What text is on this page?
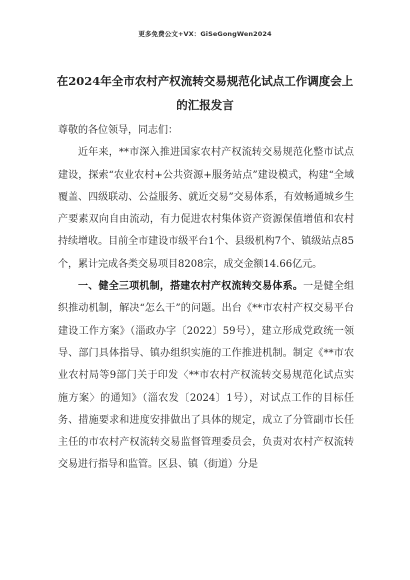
更多免费公文+VX：GiSeGongWen2024
在2024年全市农村产权流转交易规范化试点工作调度会上
的汇报发言

尊敬的各位领导，同志们：

近年来，**市深入推进国家农村产权流转交易规范化整市试点建设，探索“农业农村+公共资源+服务站点”建设模式，构建“全域覆盖、四级联动、公益服务、就近交易”交易体系，有效畅通城乡生产要素双向自由流动，有力促进农村集体资产资源保值增值和农村持续增收。目前全市建设市级平台1个、县级机构7个、镇级站点85个，累计完成各类交易项目8208宗，成交金额14.66亿元。

一、健全三项机制，搭建农村产权流转交易体系。一是健全组织推动机制，解决“怎么干”的问题。出台《**市农村产权交易平台建设工作方案》（淄政办字〔2022〕59号），建立形成党政统一领导、部门具体指导、镇办组织实施的工作推进机制。制定《**市农业农村局等9部门关于印发〈**市农村产权流转交易规范化试点实施方案〉的通知》（淄农发〔2024〕1号），对试点工作的目标任务、措施要求和进度安排做出了具体的规定，成立了分管副市长任主任的市农村产权流转交易监督管理委员会，负责对农村产权流转交易进行指导和监管。区县、镇（街道）分是
